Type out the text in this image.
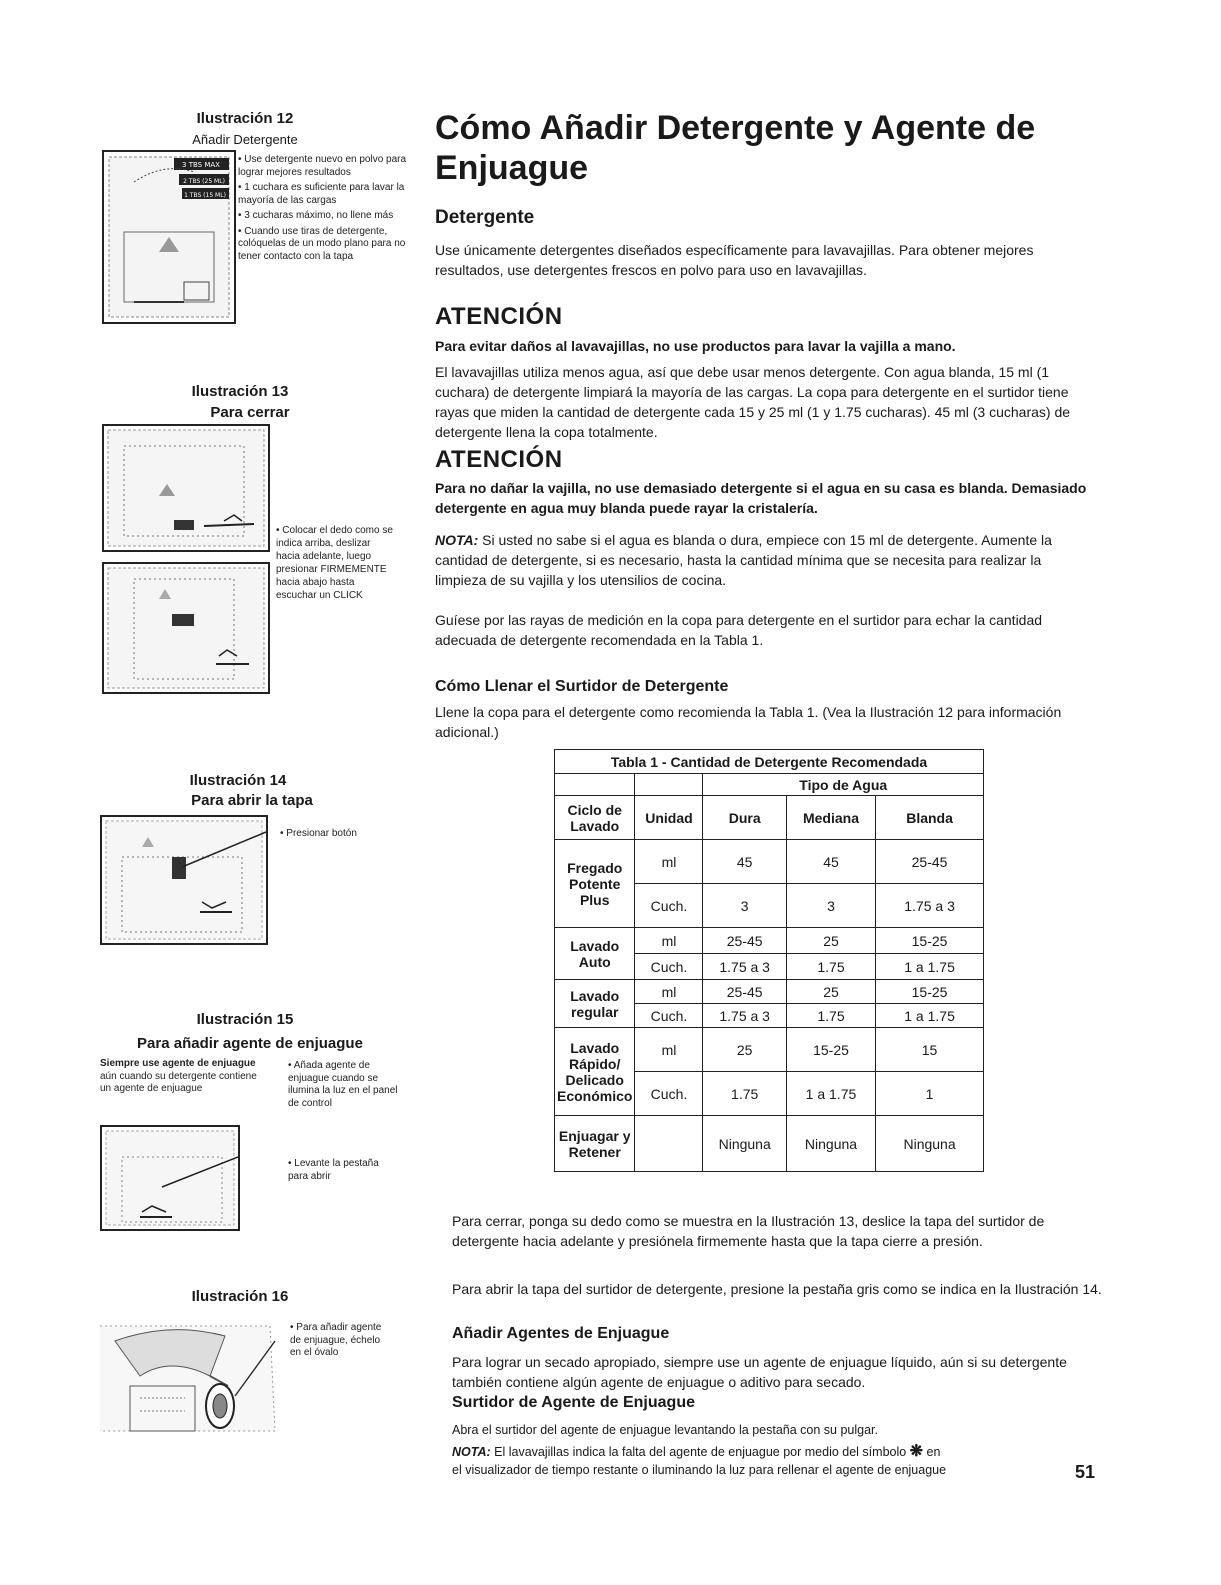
Ilustración 12
Añadir Detergente
3 TBS MAX
2 TBS (25 ML)
1 TBS (15 ML)

• Use detergente nuevo en polvo para lograr mejores resultados

• 1 cuchara es suficiente para lavar la mayoría de las cargas

• 3 cucharas máximo, no llene más

• Cuando use tiras de detergente, colóquelas de un modo plano para no tener contacto con la tapa

Ilustración 13
Para cerrar
• Colocar el dedo como se indica arriba, deslizar hacia adelante, luego presionar FIRMEMENTE hacia abajo hasta escuchar un CLICK
Ilustración 14
Para abrir la tapa
• Presionar botón
Ilustración 15
Para añadir agente de enjuague
Siempre use agente de enjuague aún cuando su detergente contiene un agente de enjuague
• Añada agente de enjuague cuando se ilumina la luz en el panel de control
• Levante la pestaña para abrir
Ilustración 16
• Para añadir agente de enjuague, échelo en el óvalo
Cómo Añadir Detergente y Agente de
Enjuague
Detergente
Use únicamente detergentes diseñados específicamente para lavavajillas. Para obtener mejores resultados, use detergentes frescos en polvo para uso en lavavajillas.
ATENCIÓN
Para evitar daños al lavavajillas, no use productos para lavar la vajilla a mano.
El lavavajillas utiliza menos agua, así que debe usar menos detergente. Con agua blanda, 15 ml (1 cuchara) de detergente limpiará la mayoría de las cargas. La copa para detergente en el surtidor tiene rayas que miden la cantidad de detergente cada 15 y 25 ml (1 y 1.75 cucharas). 45 ml (3 cucharas) de detergente llena la copa totalmente.
ATENCIÓN
Para no dañar la vajilla, no use demasiado detergente si el agua en su casa es blanda. Demasiado detergente en agua muy blanda puede rayar la cristalería.
NOTA: Si usted no sabe si el agua es blanda o dura, empiece con 15 ml de detergente. Aumente la cantidad de detergente, si es necesario, hasta la cantidad mínima que se necesita para realizar la limpieza de su vajilla y los utensilios de cocina.
Guíese por las rayas de medición en la copa para detergente en el surtidor para echar la cantidad adecuada de detergente recomendada en la Tabla 1.
Cómo Llenar el Surtidor de Detergente
Llene la copa para el detergente como recomienda la Tabla 1. (Vea la Ilustración 12 para información adicional.)
Tabla 1 - Cantidad de Detergente Recomendada				
		Tipo de Agua		
Ciclo de Lavado	Unidad	Dura	Mediana	Blanda
Fregado Potente Plus	ml	45	45	25-45
	Cuch.	3	3	1.75 a 3
Lavado Auto	ml	25-45	25	15-25
	Cuch.	1.75 a 3	1.75	1 a 1.75
Lavado regular	ml	25-45	25	15-25
	Cuch.	1.75 a 3	1.75	1 a 1.75
Lavado Rápido/ Delicado Económico	ml	25	15-25	15
	Cuch.	1.75	1 a 1.75	1
Enjuagar y Retener		Ninguna	Ninguna	Ninguna
Para cerrar, ponga su dedo como se muestra en la Ilustración 13, deslice la tapa del surtidor de detergente hacia adelante y presiónela firmemente hasta que la tapa cierre a presión.
Para abrir la tapa del surtidor de detergente, presione la pestaña gris como se indica en la Ilustración 14.
Añadir Agentes de Enjuague
Para lograr un secado apropiado, siempre use un agente de enjuague líquido, aún si su detergente también contiene algún agente de enjuague o aditivo para secado.
Surtidor de Agente de Enjuague
Abra el surtidor del agente de enjuague levantando la pestaña con su pulgar.
NOTA: El lavavajillas indica la falta del agente de enjuague por medio del símbolo ❋ en
el visualizador de tiempo restante o iluminando la luz para rellenar el agente de enjuague	51
